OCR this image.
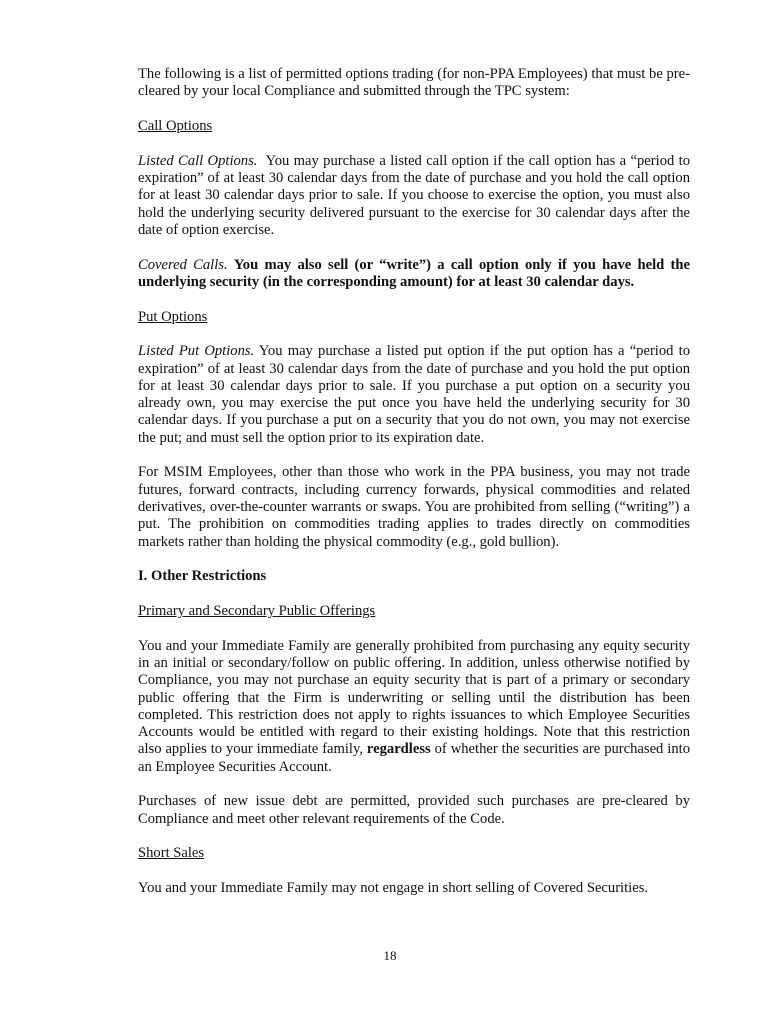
The following is a list of permitted options trading (for non-PPA Employees) that must be pre-cleared by your local Compliance and submitted through the TPC system:

Call Options

Listed Call Options. You may purchase a listed call option if the call option has a “period to expiration” of at least 30 calendar days from the date of purchase and you hold the call option for at least 30 calendar days prior to sale. If you choose to exercise the option, you must also hold the underlying security delivered pursuant to the exercise for 30 calendar days after the date of option exercise.

Covered Calls. You may also sell (or “write”) a call option only if you have held the underlying security (in the corresponding amount) for at least 30 calendar days.

Put Options

Listed Put Options. You may purchase a listed put option if the put option has a “period to expiration” of at least 30 calendar days from the date of purchase and you hold the put option for at least 30 calendar days prior to sale. If you purchase a put option on a security you already own, you may exercise the put once you have held the underlying security for 30 calendar days. If you purchase a put on a security that you do not own, you may not exercise the put; and must sell the option prior to its expiration date.

For MSIM Employees, other than those who work in the PPA business, you may not trade futures, forward contracts, including currency forwards, physical commodities and related derivatives, over-the-counter warrants or swaps. You are prohibited from selling (“writing”) a put. The prohibition on commodities trading applies to trades directly on commodities markets rather than holding the physical commodity (e.g., gold bullion).

I. Other Restrictions

Primary and Secondary Public Offerings

You and your Immediate Family are generally prohibited from purchasing any equity security in an initial or secondary/follow on public offering. In addition, unless otherwise notified by Compliance, you may not purchase an equity security that is part of a primary or secondary public offering that the Firm is underwriting or selling until the distribution has been completed. This restriction does not apply to rights issuances to which Employee Securities Accounts would be entitled with regard to their existing holdings. Note that this restriction also applies to your immediate family, regardless of whether the securities are purchased into an Employee Securities Account.

Purchases of new issue debt are permitted, provided such purchases are pre-cleared by Compliance and meet other relevant requirements of the Code.

Short Sales

You and your Immediate Family may not engage in short selling of Covered Securities.

18
